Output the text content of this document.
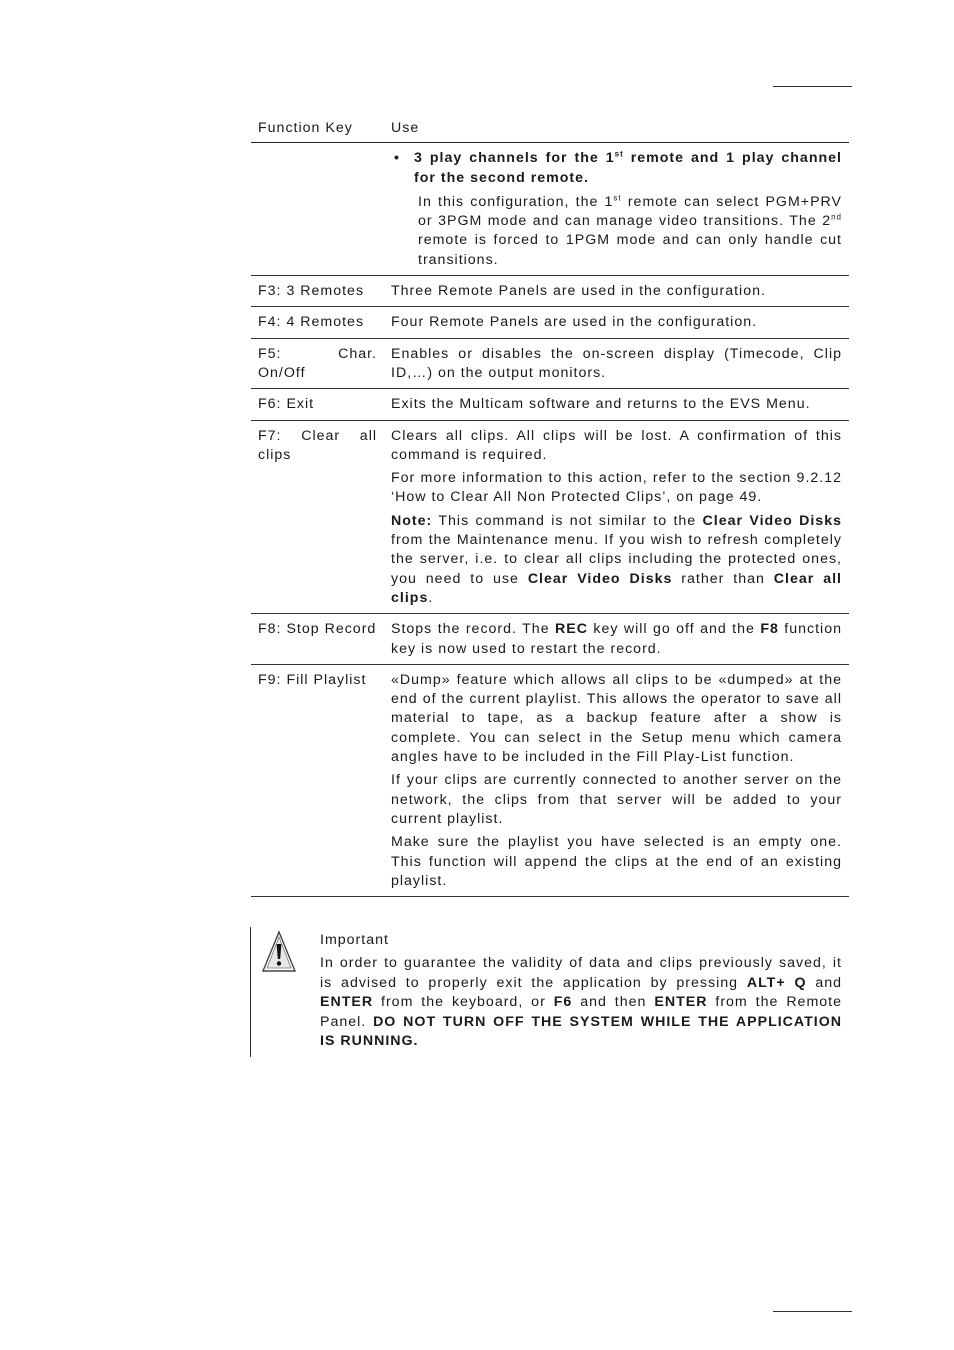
Function Key	Use

	• 3 play channels for the 1st remote and 1 play channel for the second remote.

In this configuration, the 1st remote can select PGM+PRV or 3PGM mode and can manage video transitions. The 2nd remote is forced to 1PGM mode and can only handle cut transitions.

F3: 3 Remotes	Three Remote Panels are used in the configuration.
F4: 4 Remotes	Four Remote Panels are used in the configuration.
F5: Char. On/Off	Enables or disables the on-screen display (Timecode, Clip ID,…) on the output monitors.
F6: Exit	Exits the Multicam software and returns to the EVS Menu.
F7: Clear all clips	Clears all clips. All clips will be lost. A confirmation of this command is required.

For more information to this action, refer to the section 9.2.12 ‘How to Clear All Non Protected Clips’, on page 49.

Note: This command is not similar to the Clear Video Disks from the Maintenance menu. If you wish to refresh completely the server, i.e. to clear all clips including the protected ones, you need to use Clear Video Disks rather than Clear all clips.

F8: Stop Record	Stops the record. The REC key will go off and the F8 function key is now used to restart the record.
F9: Fill Playlist	«Dump» feature which allows all clips to be «dumped» at the end of the current playlist. This allows the operator to save all material to tape, as a backup feature after a show is complete. You can select in the Setup menu which camera angles have to be included in the Fill Play-List function.

If your clips are currently connected to another server on the network, the clips from that server will be added to your current playlist.

Make sure the playlist you have selected is an empty one. This function will append the clips at the end of an existing playlist.

Important

In order to guarantee the validity of data and clips previously saved, it is advised to properly exit the application by pressing ALT+ Q and ENTER from the keyboard, or F6 and then ENTER from the Remote Panel. DO NOT TURN OFF THE SYSTEM WHILE THE APPLICATION IS RUNNING.
